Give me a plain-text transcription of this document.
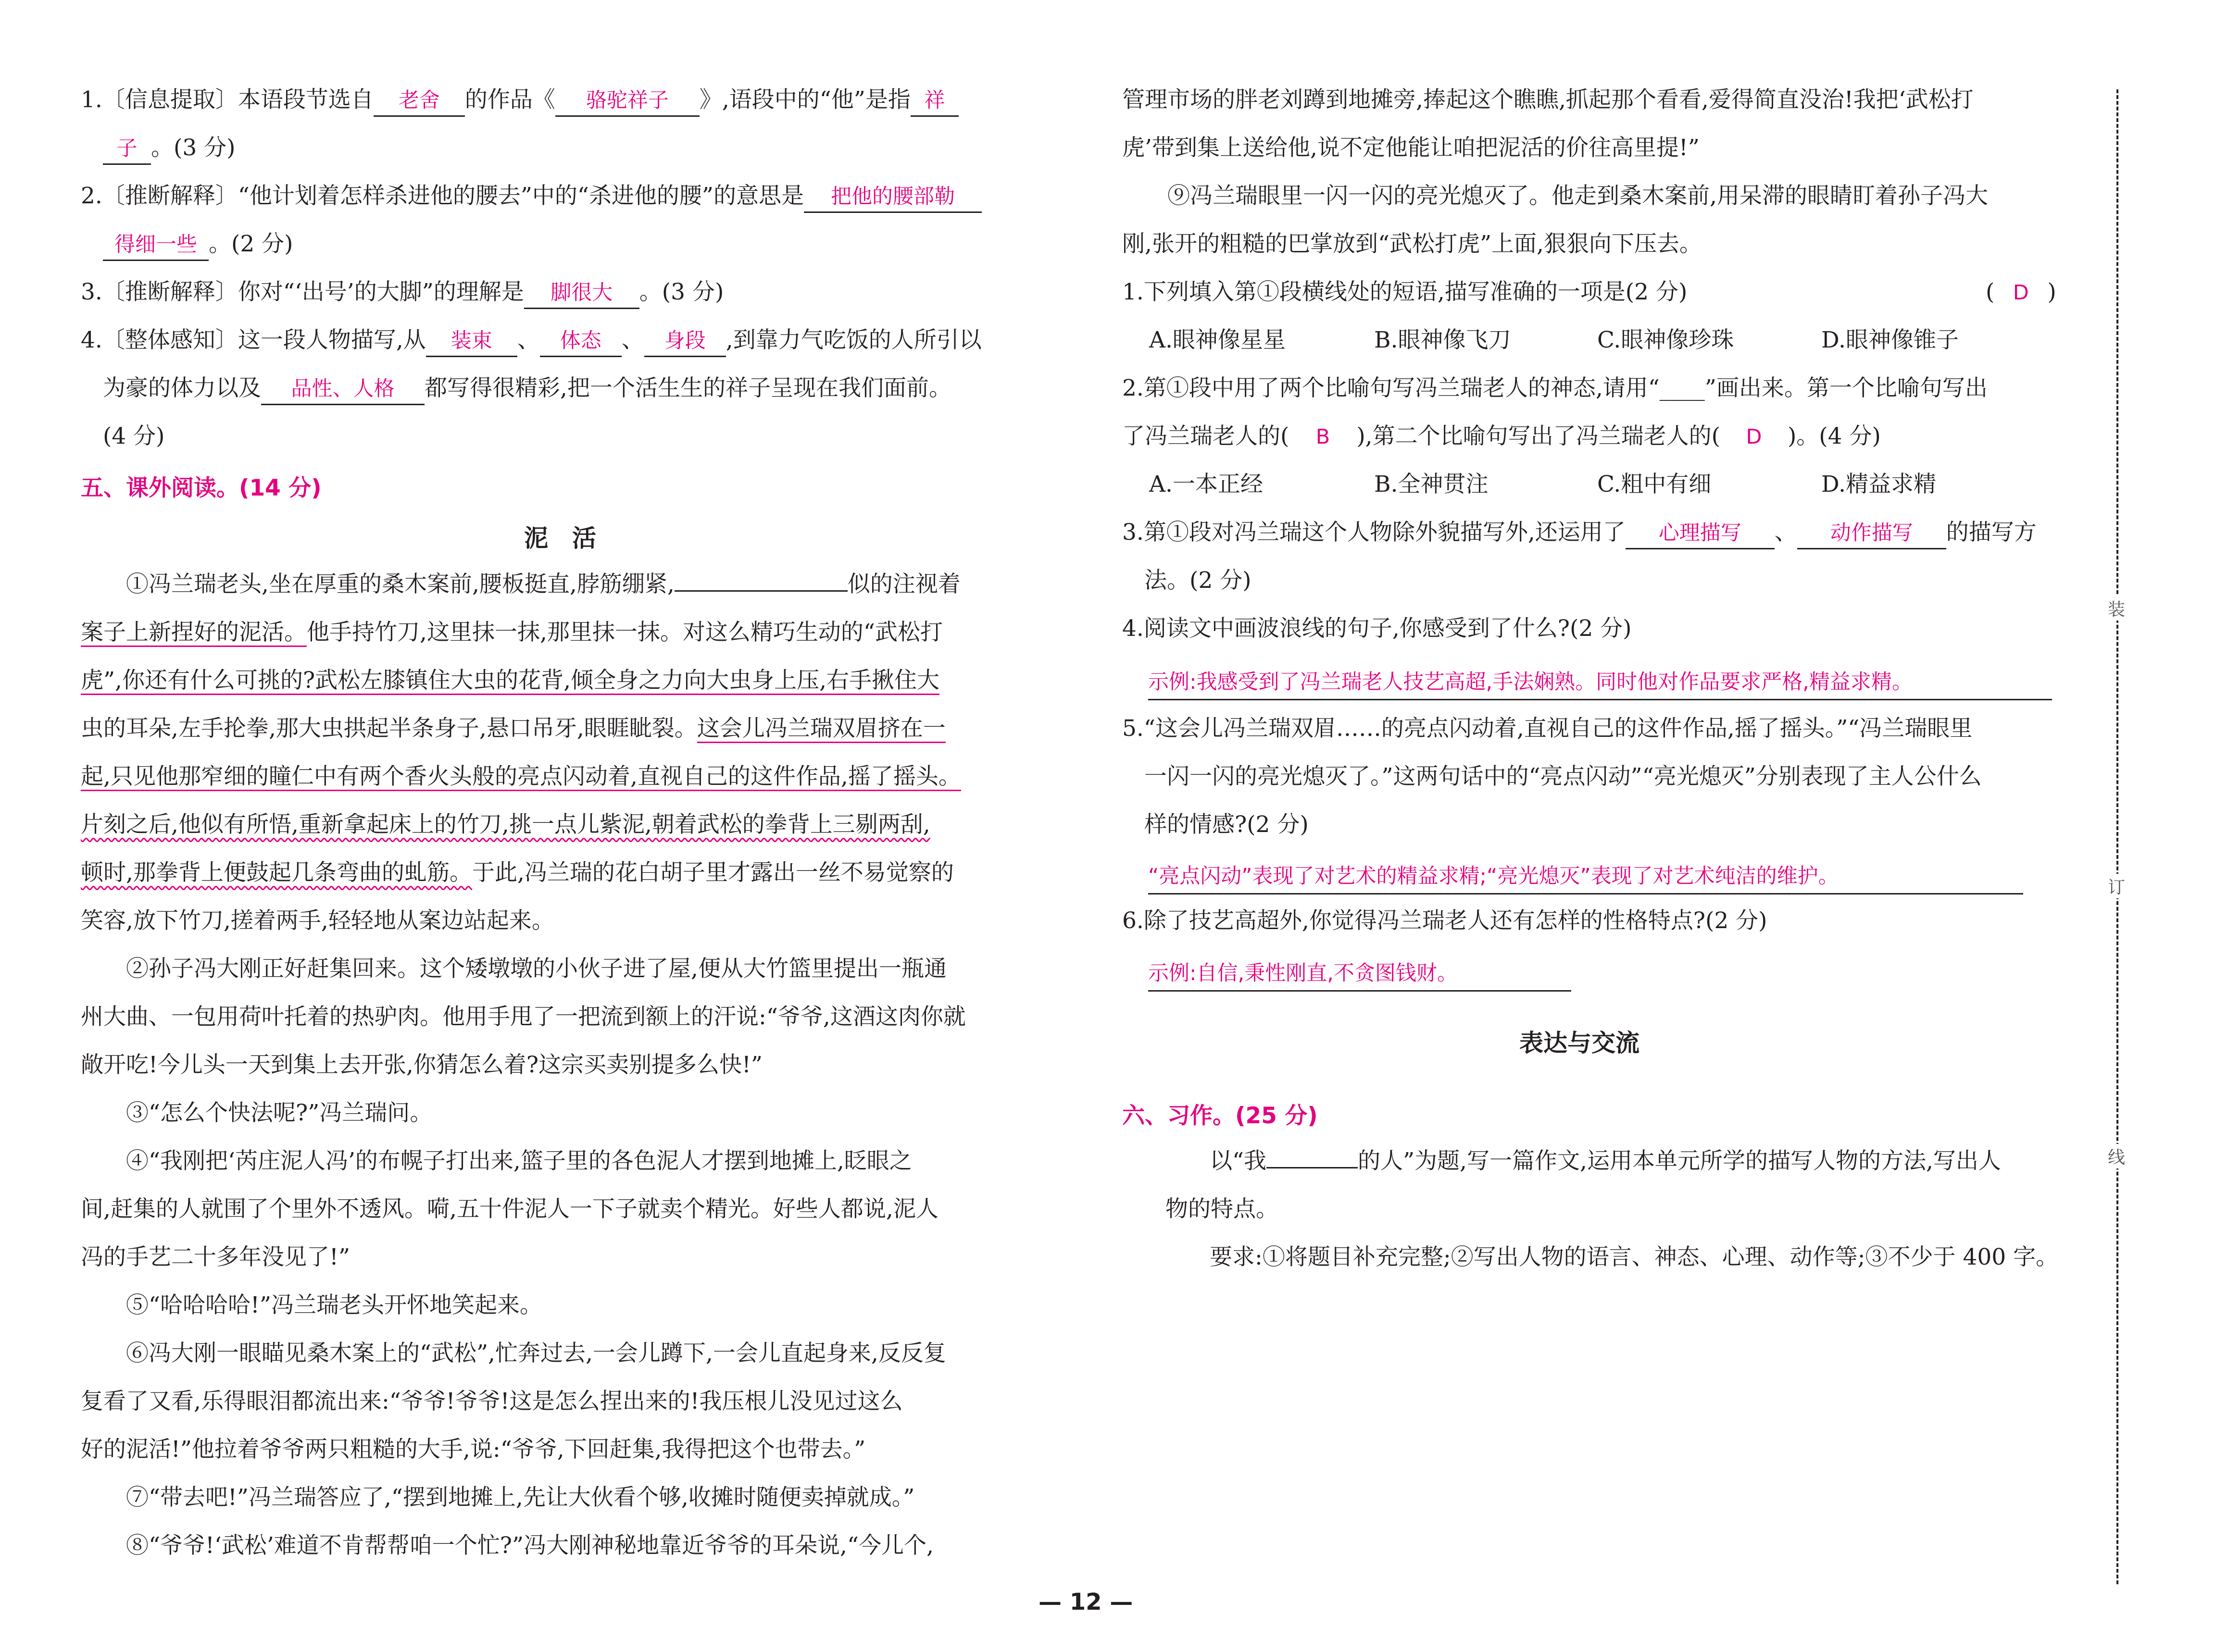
1.〔信息提取〕本语段节选自 老舍 的作品《 骆驼祥子 》,语段中的“他”是指 祥
子 。(3 分)
2.〔推断解释〕“他计划着怎样杀进他的腰去”中的“杀进他的腰”的意思是 把他的腰部勒
得细一些 。(2 分)
3.〔推断解释〕你对“‘出号’的大脚”的理解是 脚很大 。(3 分)
4.〔整体感知〕这一段人物描写,从 装束 、 体态 、 身段 ,到靠力气吃饭的人所引以
为豪的体力以及 品性、人格 都写得很精彩,把一个活生生的祥子呈现在我们面前。
(4 分)
五、课外阅读。(14 分)
泥　活
①冯兰瑞老头,坐在厚重的桑木案前,腰板挺直,脖筋绷紧,	似的注视着
案子上新捏好的泥活。他手持竹刀,这里抹一抹,那里抹一抹。对这么精巧生动的“武松打
虎”,你还有什么可挑的?武松左膝镇住大虫的花背,倾全身之力向大虫身上压,右手揪住大
虫的耳朵,左手抡拳,那大虫拱起半条身子,悬口吊牙,眼睚眦裂。这会儿冯兰瑞双眉挤在一
起,只见他那窄细的瞳仁中有两个香火头般的亮点闪动着,直视自己的这件作品,摇了摇头。
片刻之后,他似有所悟,重新拿起床上的竹刀,挑一点儿紫泥,朝着武松的拳背上三剔两刮,
顿时,那拳背上便鼓起几条弯曲的虬筋。于此,冯兰瑞的花白胡子里才露出一丝不易觉察的
笑容,放下竹刀,搓着两手,轻轻地从案边站起来。
②孙子冯大刚正好赶集回来。这个矮墩墩的小伙子进了屋,便从大竹篮里提出一瓶通
州大曲、一包用荷叶托着的热驴肉。他用手甩了一把流到额上的汗说:“爷爷,这酒这肉你就
敞开吃!今儿头一天到集上去开张,你猜怎么着?这宗买卖别提多么快!”
③“怎么个快法呢?”冯兰瑞问。
④“我刚把‘芮庄泥人冯’的布幌子打出来,篮子里的各色泥人才摆到地摊上,眨眼之
间,赶集的人就围了个里外不透风。嗬,五十件泥人一下子就卖个精光。好些人都说,泥人
冯的手艺二十多年没见了!”
⑤“哈哈哈哈!”冯兰瑞老头开怀地笑起来。
⑥冯大刚一眼瞄见桑木案上的“武松”,忙奔过去,一会儿蹲下,一会儿直起身来,反反复
复看了又看,乐得眼泪都流出来:“爷爷!爷爷!这是怎么捏出来的!我压根儿没见过这么
好的泥活!”他拉着爷爷两只粗糙的大手,说:“爷爷,下回赶集,我得把这个也带去。”
⑦“带去吧!”冯兰瑞答应了,“摆到地摊上,先让大伙看个够,收摊时随便卖掉就成。”
⑧“爷爷!‘武松’难道不肯帮帮咱一个忙?”冯大刚神秘地靠近爷爷的耳朵说,“今儿个,
管理市场的胖老刘蹲到地摊旁,捧起这个瞧瞧,抓起那个看看,爱得简直没治!我把‘武松打
虎’带到集上送给他,说不定他能让咱把泥活的价往高里提!”
⑨冯兰瑞眼里一闪一闪的亮光熄灭了。他走到桑木案前,用呆滞的眼睛盯着孙子冯大
刚,张开的粗糙的巴掌放到“武松打虎”上面,狠狠向下压去。
1.下列填入第①段横线处的短语,描写准确的一项是(2 分)	( D )
A.眼神像星星	B.眼神像飞刀	C.眼神像珍珠	D.眼神像锥子
2.第①段中用了两个比喻句写冯兰瑞老人的神态,请用“____”画出来。第一个比喻句写出
了冯兰瑞老人的( B ),第二个比喻句写出了冯兰瑞老人的( D )。(4 分)
A.一本正经	B.全神贯注	C.粗中有细	D.精益求精
3.第①段对冯兰瑞这个人物除外貌描写外,还运用了 心理描写 、 动作描写 的描写方
法。(2 分)
4.阅读文中画波浪线的句子,你感受到了什么?(2 分)
示例:我感受到了冯兰瑞老人技艺高超,手法娴熟。同时他对作品要求严格,精益求精。
5.“这会儿冯兰瑞双眉……的亮点闪动着,直视自己的这件作品,摇了摇头。”“冯兰瑞眼里
一闪一闪的亮光熄灭了。”这两句话中的“亮点闪动”“亮光熄灭”分别表现了主人公什么
样的情感?(2 分)
“亮点闪动”表现了对艺术的精益求精;“亮光熄灭”表现了对艺术纯洁的维护。
6.除了技艺高超外,你觉得冯兰瑞老人还有怎样的性格特点?(2 分)
示例:自信,秉性刚直,不贪图钱财。
表达与交流
六、习作。(25 分)
以“我	的人”为题,写一篇作文,运用本单元所学的描写人物的方法,写出人
物的特点。
要求:①将题目补充完整;②写出人物的语言、神态、心理、动作等;③不少于 400 字。
装
订
线
— 12 —
